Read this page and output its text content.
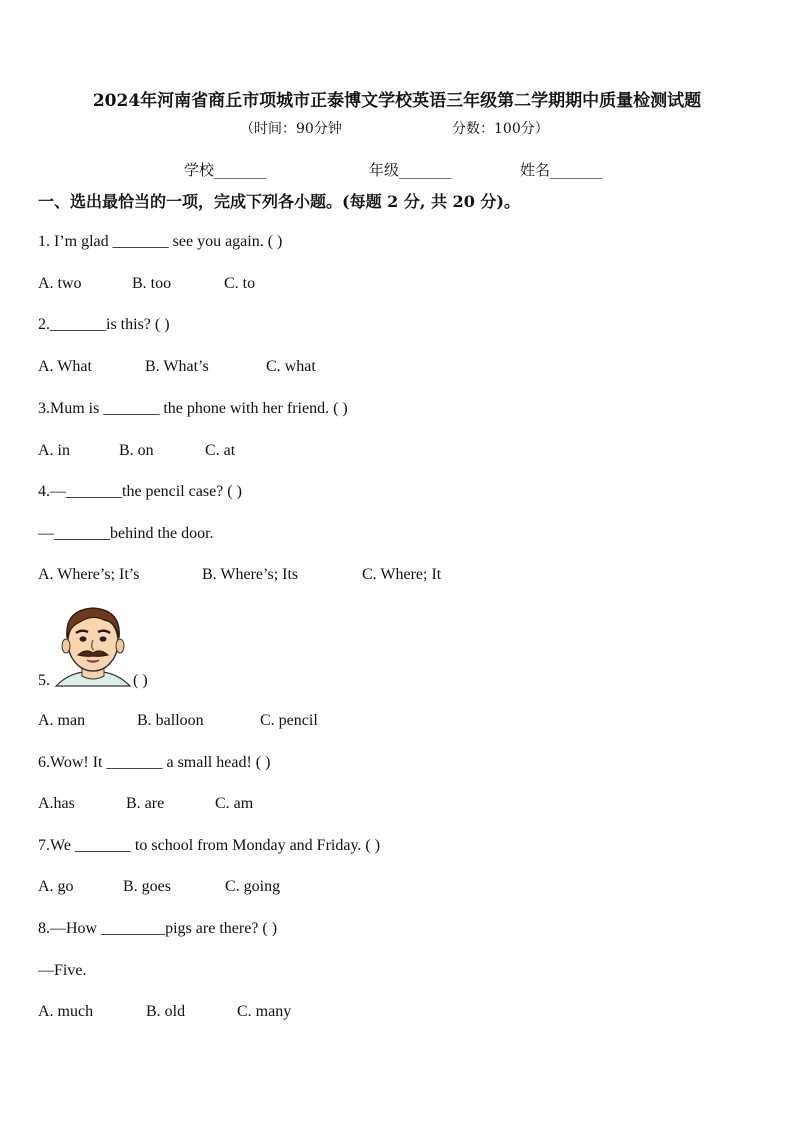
2024年河南省商丘市项城市正泰博文学校英语三年级第二学期期中质量检测试题
（时间：90分钟	分数：100分）
学校_______	年级_______	姓名_______
一、选出最恰当的一项，完成下列各小题。(每题 2 分, 共 20 分)。
1. I’m glad _______ see you again. ( )
A. two	B. too	C. to
2._______is this? ( )
A. What	B. What’s	C. what
3.Mum is _______ the phone with her friend. ( )
A. in	B. on	C. at
4.—_______the pencil case? ( )
—_______behind the door.
A. Where’s; It’s	B. Where’s; Its	C. Where; It
5.	( )
A. man	B. balloon	C. pencil
6.Wow! It _______ a small head! ( )
A.has	B. are	C. am
7.We _______ to school from Monday and Friday. ( )
A. go	B. goes	C. going
8.—How ________pigs are there? ( )
—Five.
A. much	B. old	C. many
